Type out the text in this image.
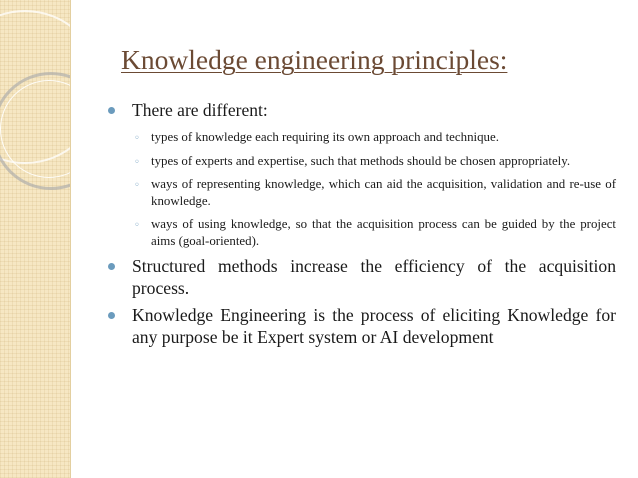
Knowledge engineering principles:
There are different:
◦ types of knowledge each requiring its own approach and technique.
◦ types of experts and expertise, such that methods should be chosen appropriately.
◦ ways of representing knowledge, which can aid the acquisition, validation and re-use of knowledge.
◦ ways of using knowledge, so that the acquisition process can be guided by the project aims (goal-oriented).
Structured methods increase the efficiency of the acquisition process.
Knowledge Engineering is the process of eliciting Knowledge for any purpose be it Expert system or AI development
